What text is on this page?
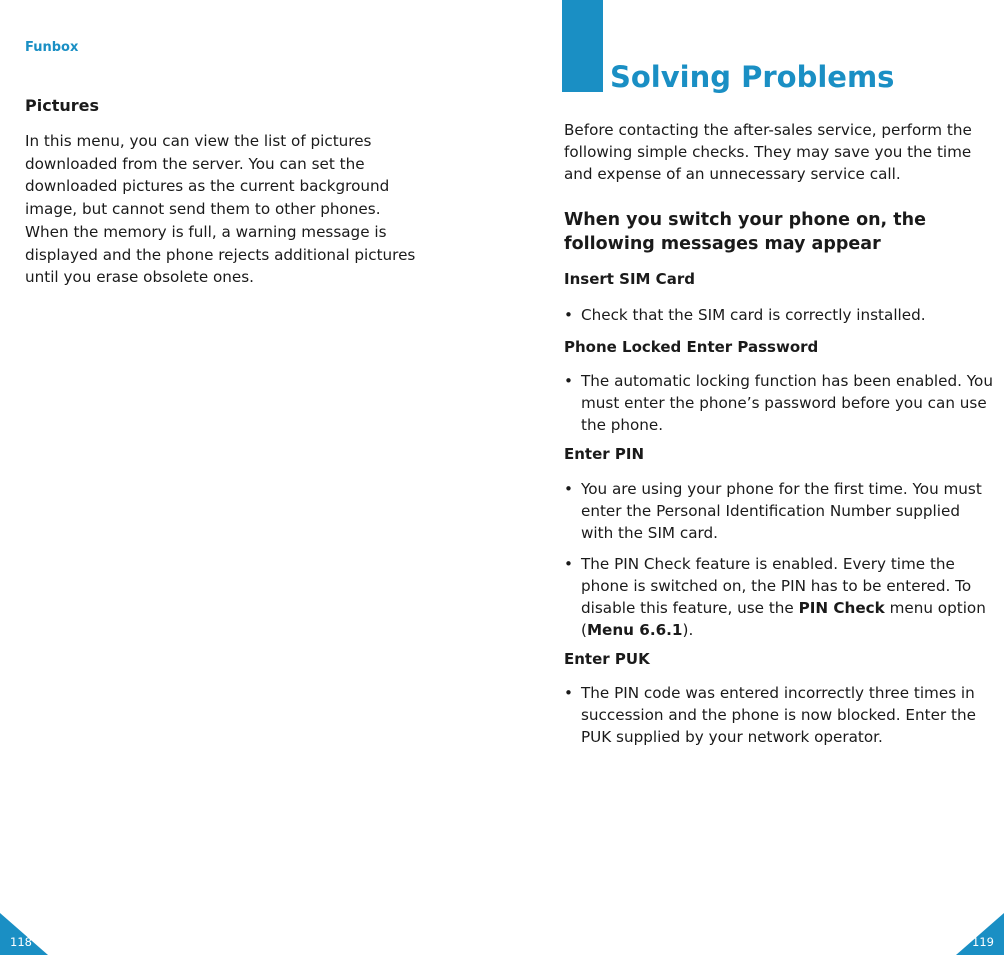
Funbox
Pictures

In this menu, you can view the list of pictures downloaded from the server. You can set the downloaded pictures as the current background image, but cannot send them to other phones.

When the memory is full, a warning message is displayed and the phone rejects additional pictures until you erase obsolete ones.

Solving Problems

Before contacting the after-sales service, perform the following simple checks. They may save you the time and expense of an unnecessary service call.

When you switch your phone on, the following messages may appear
Insert SIM Card

• Check that the SIM card is correctly installed.

Phone Locked Enter Password

• The automatic locking function has been enabled. You must enter the phone’s password before you can use the phone.

Enter PIN

• You are using your phone for the first time. You must enter the Personal Identification Number supplied with the SIM card.

• The PIN Check feature is enabled. Every time the phone is switched on, the PIN has to be entered. To disable this feature, use the PIN Check menu option (Menu 6.6.1).

Enter PUK

• The PIN code was entered incorrectly three times in succession and the phone is now blocked. Enter the PUK supplied by your network operator.

118	119
